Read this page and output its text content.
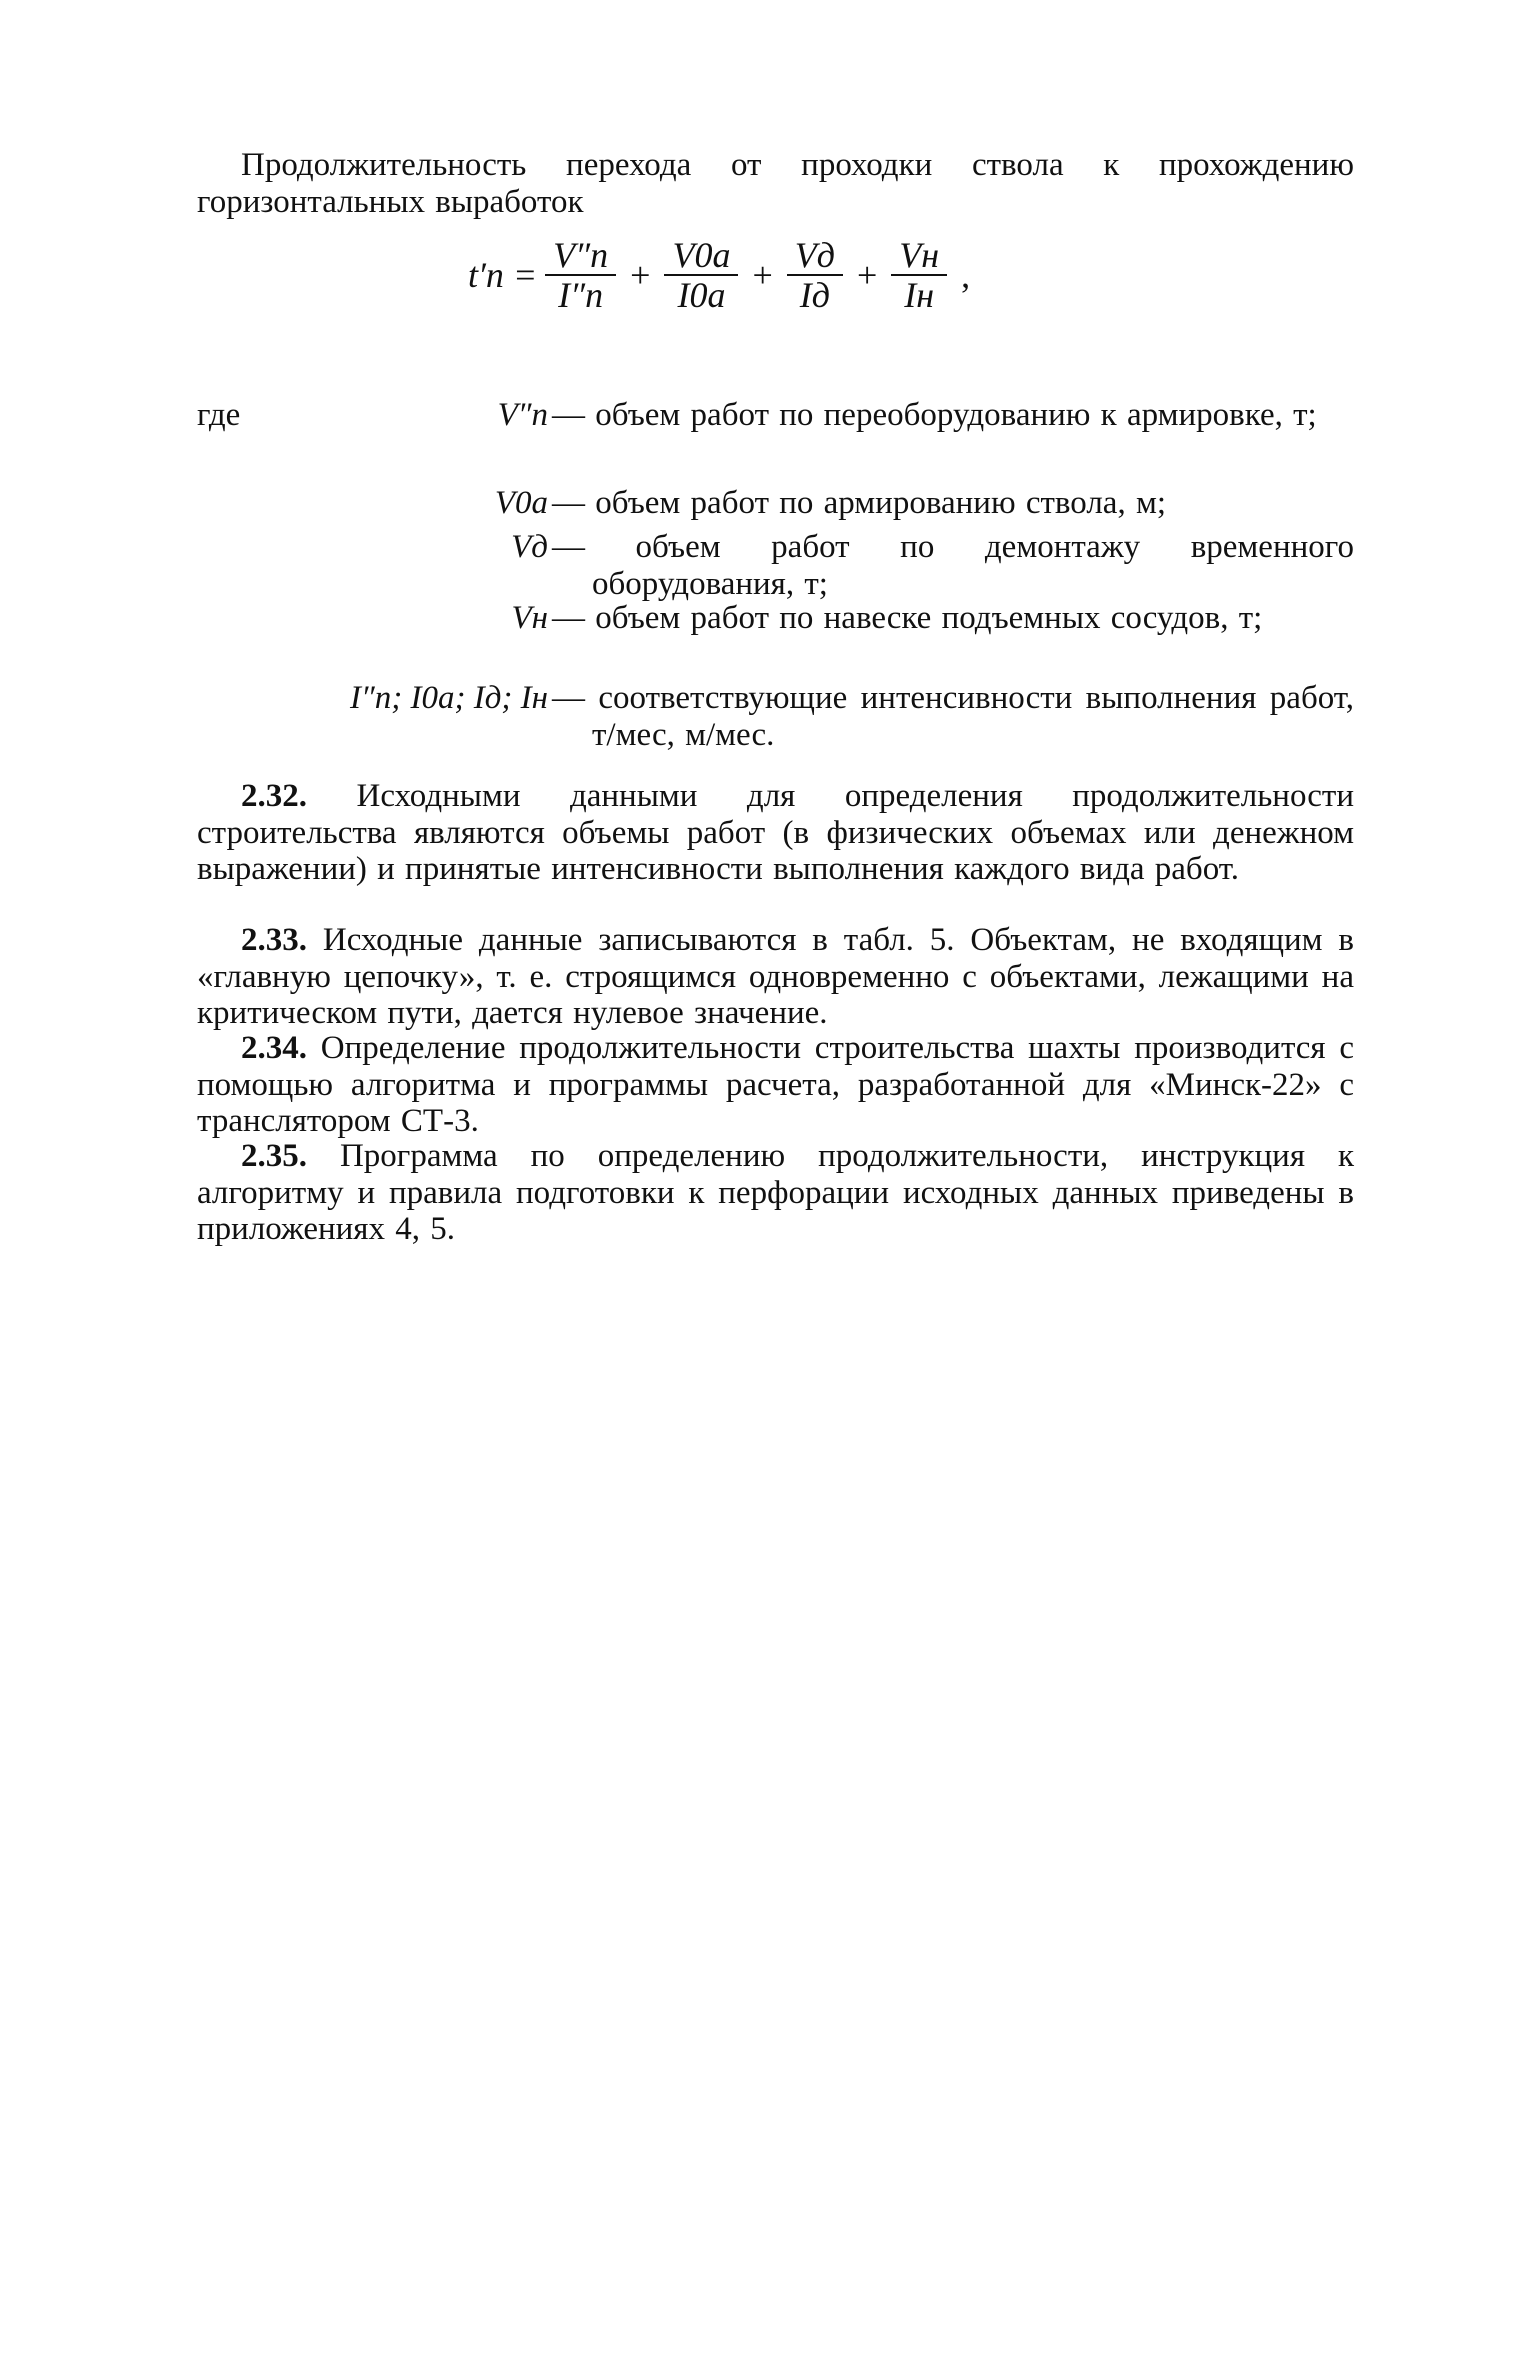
Продолжительность перехода от проходки ствола к прохождению горизонтальных выработок

$t'п = \frac{V''п}{I''п} + \frac{V0а}{I0а} + \frac{Vд}{Iд} + \frac{Vн}{Iн}$ ,
где	V″п — объем работ по переоборудованию к армировке, т;

V0а — объем работ по армированию ствола, м;

Vд — объем работ по демонтажу временного оборудования, т;

Vн — объем работ по навеске подъемных сосудов, т;

I″п; I0а; Iд; Iн — соответствующие интенсивности выполнения работ, т/мес, м/мес.

2.32. Исходными данными для определения продолжительности строительства являются объемы работ (в физических объемах или денежном выражении) и принятые интенсивности выполнения каждого вида работ.

2.33. Исходные данные записываются в табл. 5. Объектам, не входящим в «главную цепочку», т. е. строящимся одновременно с объектами, лежащими на критическом пути, дается нулевое значение.

2.34. Определение продолжительности строительства шахты производится с помощью алгоритма и программы расчета, разработанной для «Минск-22» с транслятором СТ-3.

2.35. Программа по определению продолжительности, инструкция к алгоритму и правила подготовки к перфорации исходных данных приведены в приложениях 4, 5.
